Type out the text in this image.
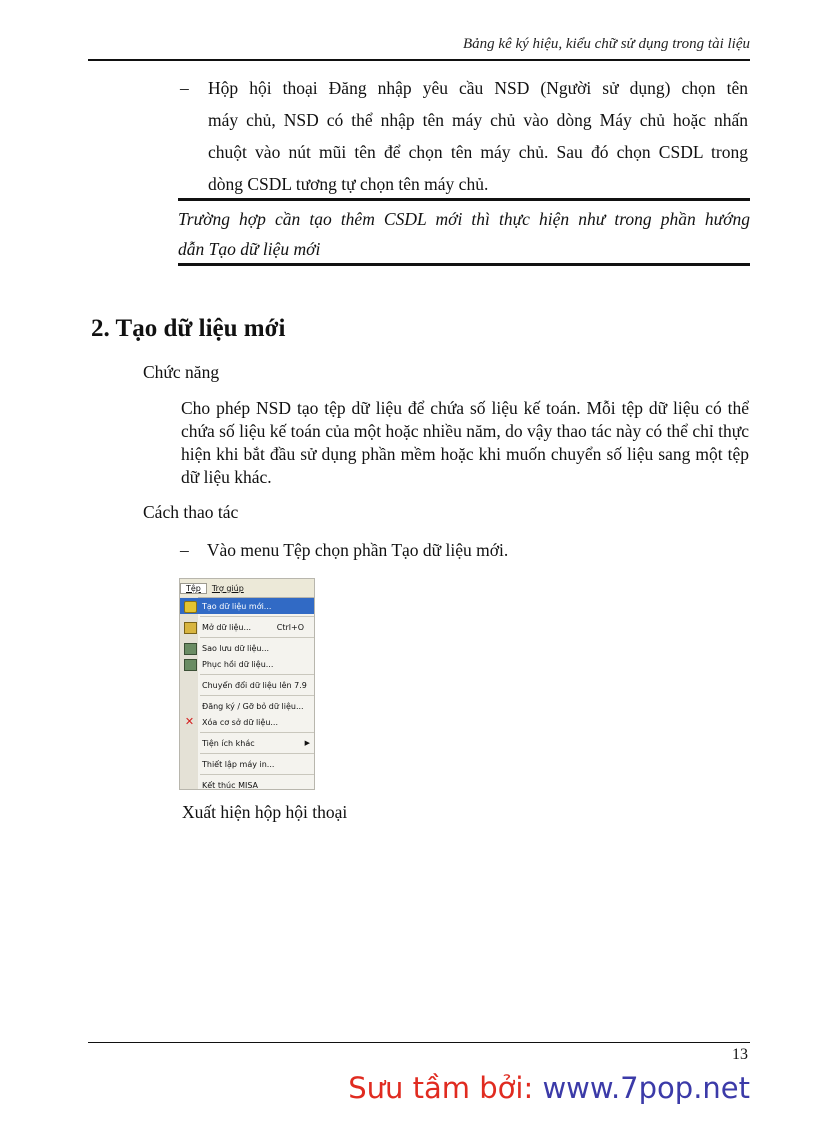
Bảng kê ký hiệu, kiểu chữ sử dụng trong tài liệu
– Hộp hội thoại Đăng nhập yêu cầu NSD (Người sử dụng) chọn tên
máy chủ, NSD có thể nhập tên máy chủ vào dòng Máy chủ hoặc nhấn
chuột vào nút mũi tên để chọn tên máy chủ. Sau đó chọn CSDL trong
dòng CSDL tương tự chọn tên máy chủ.
Trường hợp cần tạo thêm CSDL mới thì thực hiện như trong phần hướng
dẫn Tạo dữ liệu mới
2. Tạo dữ liệu mới
Chức năng
Cho phép NSD tạo tệp dữ liệu để chứa số liệu kế toán. Mỗi tệp dữ liệu có thể chứa số liệu kế toán của một hoặc nhiều năm, do vậy thao tác này có thể chỉ thực hiện khi bắt đầu sử dụng phần mềm hoặc khi muốn chuyển số liệu sang một tệp dữ liệu khác.
Cách thao tác
– Vào menu Tệp chọn phần Tạo dữ liệu mới.
Tệp	Trợ giúp
Tạo dữ liệu mới...
Mở dữ liệu...	Ctrl+O
Sao lưu dữ liệu...
Phục hồi dữ liệu...
Chuyển đổi dữ liệu lên 7.9
Đăng ký / Gỡ bỏ dữ liệu...
✕ Xóa cơ sở dữ liệu...
Tiện ích khác	▶
Thiết lập máy in...
Kết thúc MISA
Xuất hiện hộp hội thoại
13
Sưu tầm bởi: www.7pop.net
